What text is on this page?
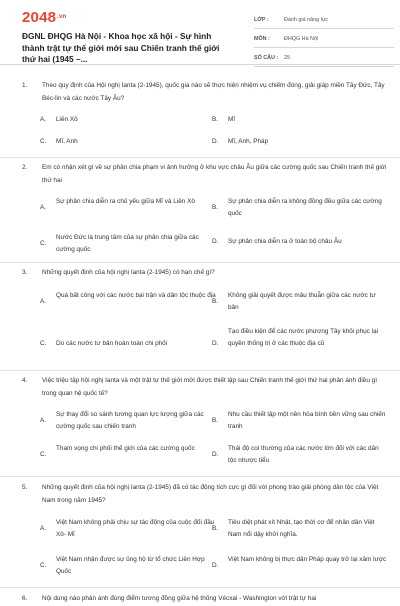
$2048^{.vn}$
ĐGNL ĐHQG Hà Nội - Khoa học xã hội - Sự hình thành trật tự thế giới mới sau Chiến tranh thế giới thứ hai (1945 –...
LỚP :	Đánh giá năng lực
MÔN :	ĐHQG Hà Nội
SỐ CÂU : 25
1. Theo quy định của Hội nghị Ianta (2-1945), quốc gia nào sẽ thực hiện nhiệm vụ chiếm đóng, giải giáp miền Tây Đức, Tây Béc-lin và các nước Tây Âu?
A. Liên Xô	B. Mĩ
C. Mĩ, Anh	D. Mĩ, Anh, Pháp
2. Em có nhận xét gì về sự phân chia phạm vi ảnh hưởng ở khu vực châu Âu giữa các cường quốc sau Chiến tranh thế giới thứ hai
A.
Sự phân chia diễn ra chủ yếu giữa Mĩ và Liên Xô
B.
Sự phân chia diễn ra không đồng đều giữa các cường quốc
C.
Nước Đức là trung tâm của sự phân chia giữa các cường quốc
D. Sự phân chia diễn ra ở toàn bộ châu Âu
3. Những quyết định của hội nghị Ianta (2-1945) có hạn chế gì?
A.
Quá bất công với các nước bại trận và dân tộc thuộc địa
B.
Không giải quyết được mâu thuẫn giữa các nước tư bản
C. Do các nước tư bản hoàn toàn chi phối	D.
Tạo điều kiện để các nước phương Tây khôi phục lại quyền thống trị ở các thuộc địa cũ
4. Việc triệu tập hội nghị Ianta và một trật tự thế giới mới được thiết lập sau Chiến tranh thế giới thứ hai phản ánh điều gì trong quan hệ quốc tế?
A.
Sự thay đổi so sánh tương quan lực lượng giữa các cường quốc sau chiến tranh
B.
Nhu cầu thiết lập một nền hòa bình bền vững sau chiến tranh
C.
Tham vọng chi phối thế giới của các cường quốc
D.
Thái độ coi thường của các nước lớn đối với các dân tộc nhược tiểu
5. Những quyết định của hội nghị Ianta (2-1945) đã có tác động tích cực gì đối với phong trào giải phóng dân tộc của Việt Nam trong năm 1945?
A.
Việt Nam không phải chịu sự tác động của cuộc đối đầu Xô- Mĩ
B.
Tiêu diệt phát xít Nhật, tạo thời cơ để nhân dân Việt Nam nổi dậy khởi nghĩa.
C.
Việt Nam nhận được sự ủng hộ từ tổ chức Liên Hợp Quốc
D.
Việt Nam không bị thực dân Pháp quay trở lại xâm lược
6. Nội dung nào phản ánh đúng điểm tương đồng giữa hệ thống Vécxai - Washington với trật tự hai
